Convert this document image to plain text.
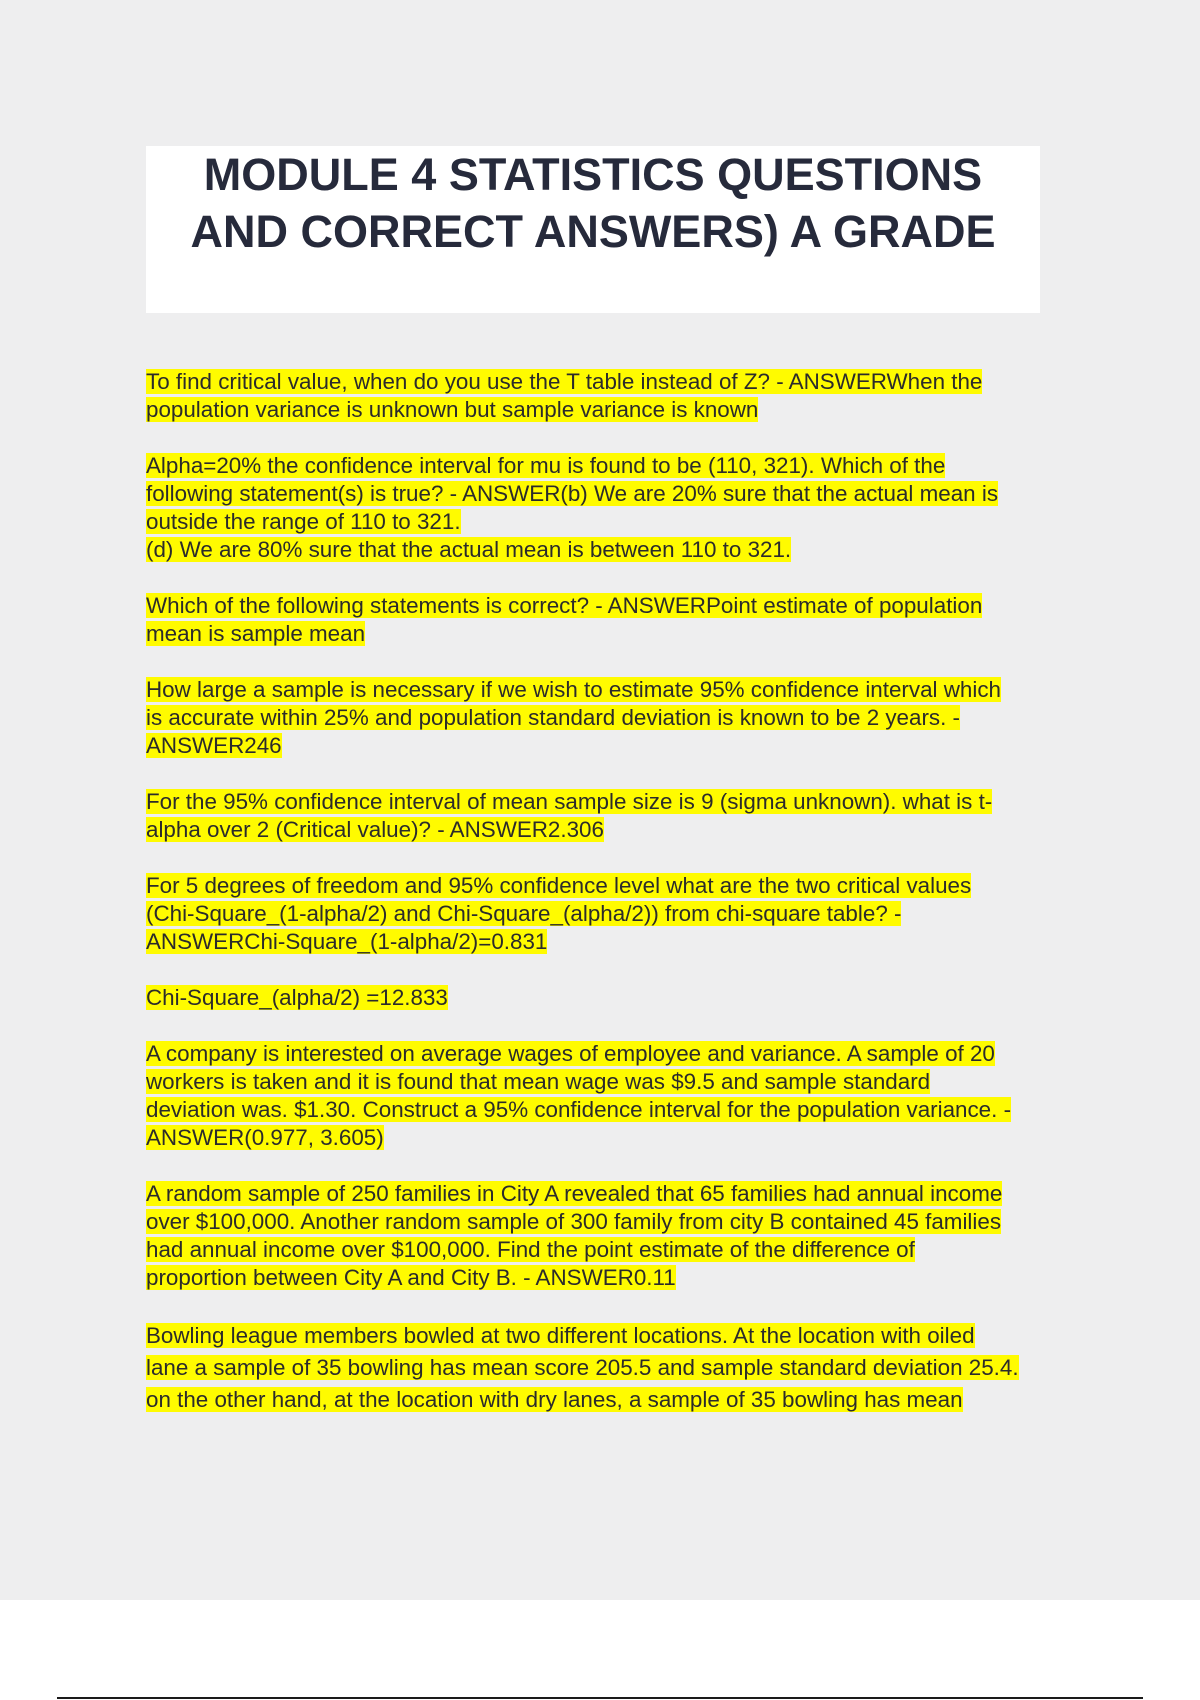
MODULE 4 STATISTICS QUESTIONS
AND CORRECT ANSWERS) A GRADE

To find critical value, when do you use the T table instead of Z? - ANSWERWhen the
population variance is unknown but sample variance is known

Alpha=20% the confidence interval for mu is found to be (110, 321). Which of the
following statement(s) is true? - ANSWER(b) We are 20% sure that the actual mean is
outside the range of 110 to 321.
(d) We are 80% sure that the actual mean is between 110 to 321.

Which of the following statements is correct? - ANSWERPoint estimate of population
mean is sample mean

How large a sample is necessary if we wish to estimate 95% confidence interval which
is accurate within 25% and population standard deviation is known to be 2 years. -
ANSWER246

For the 95% confidence interval of mean sample size is 9 (sigma unknown). what is t-
alpha over 2 (Critical value)? - ANSWER2.306

For 5 degrees of freedom and 95% confidence level what are the two critical values
(Chi-Square_(1-alpha/2) and Chi-Square_(alpha/2)) from chi-square table? -
ANSWERChi-Square_(1-alpha/2)=0.831

Chi-Square_(alpha/2) =12.833

A company is interested on average wages of employee and variance. A sample of 20
workers is taken and it is found that mean wage was $9.5 and sample standard
deviation was. $1.30. Construct a 95% confidence interval for the population variance. -
ANSWER(0.977, 3.605)

A random sample of 250 families in City A revealed that 65 families had annual income
over $100,000. Another random sample of 300 family from city B contained 45 families
had annual income over $100,000. Find the point estimate of the difference of
proportion between City A and City B. - ANSWER0.11

Bowling league members bowled at two different locations. At the location with oiled
lane a sample of 35 bowling has mean score 205.5 and sample standard deviation 25.4.
on the other hand, at the location with dry lanes, a sample of 35 bowling has mean
